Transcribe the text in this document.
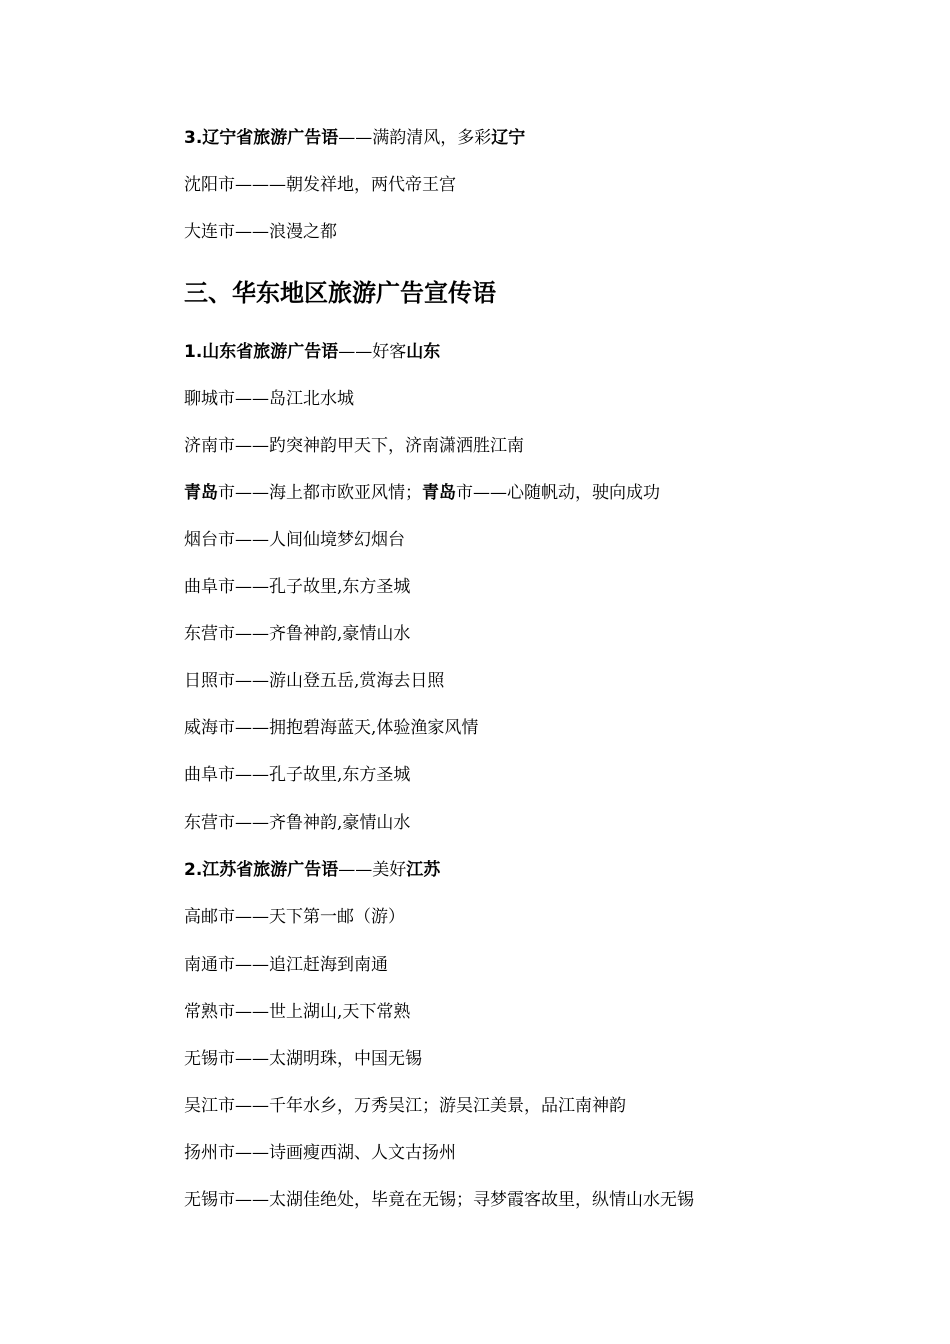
3.辽宁省旅游广告语——满韵清风，多彩辽宁
沈阳市———朝发祥地，两代帝王宫
大连市——浪漫之都
三、华东地区旅游广告宣传语
1.山东省旅游广告语——好客山东
聊城市——岛江北水城
济南市——趵突神韵甲天下，济南潇洒胜江南
青岛市——海上都市欧亚风情；青岛市——心随帆动，驶向成功
烟台市——人间仙境梦幻烟台
曲阜市——孔子故里,东方圣城
东营市——齐鲁神韵,豪情山水
日照市——游山登五岳,赏海去日照
威海市——拥抱碧海蓝天,体验渔家风情
曲阜市——孔子故里,东方圣城
东营市——齐鲁神韵,豪情山水
2.江苏省旅游广告语——美好江苏
高邮市——天下第一邮（游）
南通市——追江赶海到南通
常熟市——世上湖山,天下常熟
无锡市——太湖明珠，中国无锡
吴江市——千年水乡，万秀吴江；游吴江美景，品江南神韵
扬州市——诗画瘦西湖、人文古扬州
无锡市——太湖佳绝处，毕竟在无锡；寻梦霞客故里，纵情山水无锡
